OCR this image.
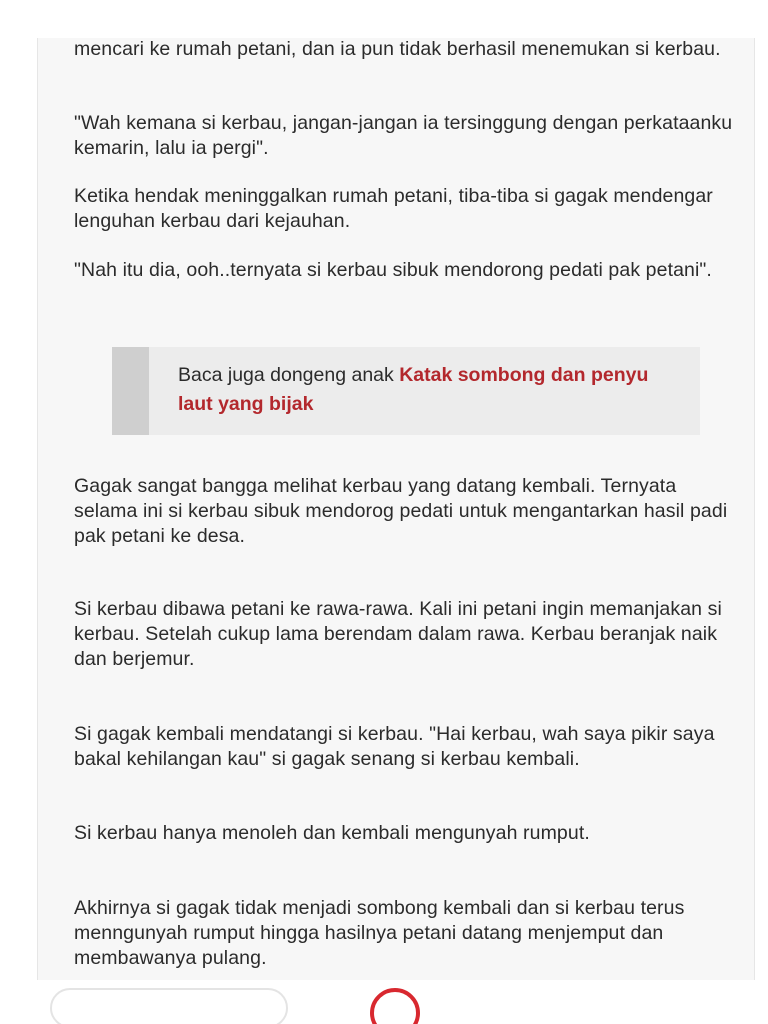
mencari ke rumah petani, dan ia pun tidak berhasil menemukan si kerbau.

"Wah kemana si kerbau, jangan-jangan ia tersinggung dengan perkataanku kemarin, lalu ia pergi".

Ketika hendak meninggalkan rumah petani, tiba-tiba si gagak mendengar lenguhan kerbau dari kejauhan.

"Nah itu dia, ooh..ternyata si kerbau sibuk mendorong pedati pak petani".

Baca juga dongeng anak Katak sombong dan penyu laut yang bijak

Gagak sangat bangga melihat kerbau yang datang kembali. Ternyata selama ini si kerbau sibuk mendorog pedati untuk mengantarkan hasil padi pak petani ke desa.

Si kerbau dibawa petani ke rawa-rawa. Kali ini petani ingin memanjakan si kerbau. Setelah cukup lama berendam dalam rawa. Kerbau beranjak naik dan berjemur.

Si gagak kembali mendatangi si kerbau. "Hai kerbau, wah saya pikir saya bakal kehilangan kau" si gagak senang si kerbau kembali.

Si kerbau hanya menoleh dan kembali mengunyah rumput.

Akhirnya si gagak tidak menjadi sombong kembali dan si kerbau terus menngunyah rumput hingga hasilnya petani datang menjemput dan membawanya pulang.
